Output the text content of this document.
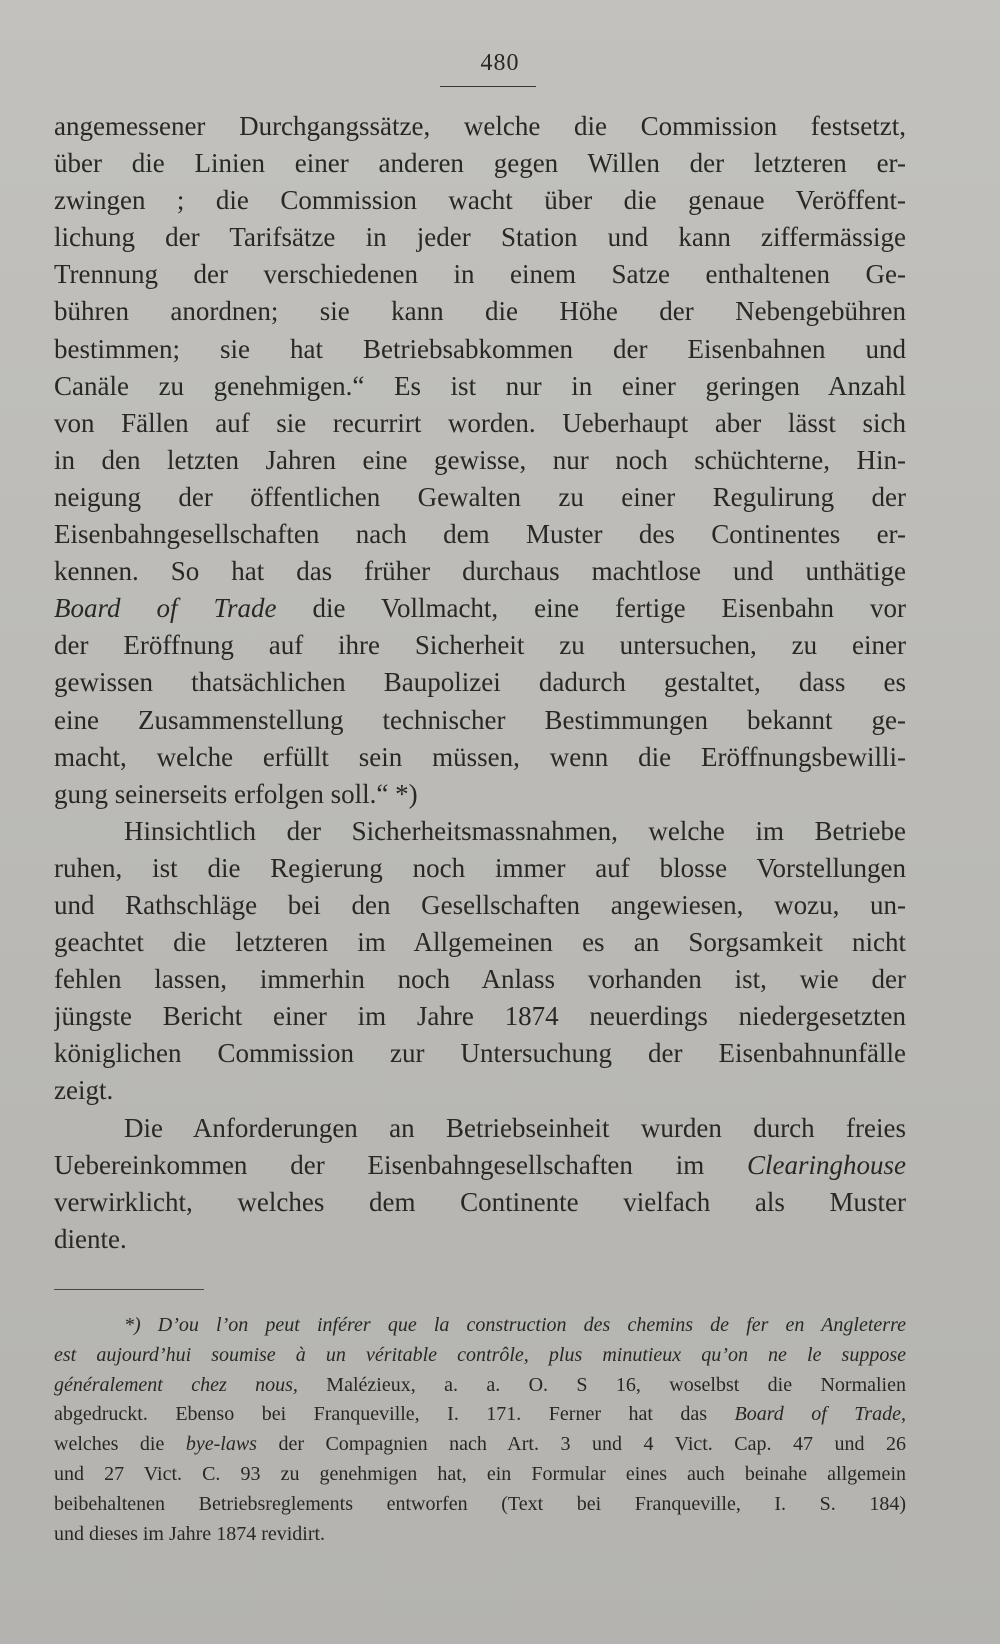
480
angemessener Durchgangssätze, welche die Commission festsetzt,
über die Linien einer anderen gegen Willen der letzteren er-
zwingen ; die Commission wacht über die genaue Veröffent-
lichung der Tarifsätze in jeder Station und kann ziffermässige
Trennung der verschiedenen in einem Satze enthaltenen Ge-
bühren anordnen; sie kann die Höhe der Nebengebühren
bestimmen; sie hat Betriebsabkommen der Eisenbahnen und
Canäle zu genehmigen.“ Es ist nur in einer geringen Anzahl
von Fällen auf sie recurrirt worden. Ueberhaupt aber lässt sich
in den letzten Jahren eine gewisse, nur noch schüchterne, Hin-
neigung der öffentlichen Gewalten zu einer Regulirung der
Eisenbahngesellschaften nach dem Muster des Continentes er-
kennen. So hat das früher durchaus machtlose und unthätige
Board of Trade die Vollmacht, eine fertige Eisenbahn vor
der Eröffnung auf ihre Sicherheit zu untersuchen, zu einer
gewissen thatsächlichen Baupolizei dadurch gestaltet, dass es
eine Zusammenstellung technischer Bestimmungen bekannt ge-
macht, welche erfüllt sein müssen, wenn die Eröffnungsbewilli-
gung seinerseits erfolgen soll.“ *)
Hinsichtlich der Sicherheitsmassnahmen, welche im Betriebe
ruhen, ist die Regierung noch immer auf blosse Vorstellungen
und Rathschläge bei den Gesellschaften angewiesen, wozu, un-
geachtet die letzteren im Allgemeinen es an Sorgsamkeit nicht
fehlen lassen, immerhin noch Anlass vorhanden ist, wie der
jüngste Bericht einer im Jahre 1874 neuerdings niedergesetzten
königlichen Commission zur Untersuchung der Eisenbahnunfälle
zeigt.
Die Anforderungen an Betriebseinheit wurden durch freies
Uebereinkommen der Eisenbahngesellschaften im Clearinghouse
verwirklicht, welches dem Continente vielfach als Muster
diente.
*) D’ou l’on peut inférer que la construction des chemins de fer en Angleterre
est aujourd’hui soumise à un véritable contrôle, plus minutieux qu’on ne le suppose
généralement chez nous, Malézieux, a. a. O. S 16, woselbst die Normalien
abgedruckt. Ebenso bei Franqueville, I. 171. Ferner hat das Board of Trade,
welches die bye-laws der Compagnien nach Art. 3 und 4 Vict. Cap. 47 und 26
und 27 Vict. C. 93 zu genehmigen hat, ein Formular eines auch beinahe allgemein
beibehaltenen Betriebsreglements entworfen (Text bei Franqueville, I. S. 184)
und dieses im Jahre 1874 revidirt.
